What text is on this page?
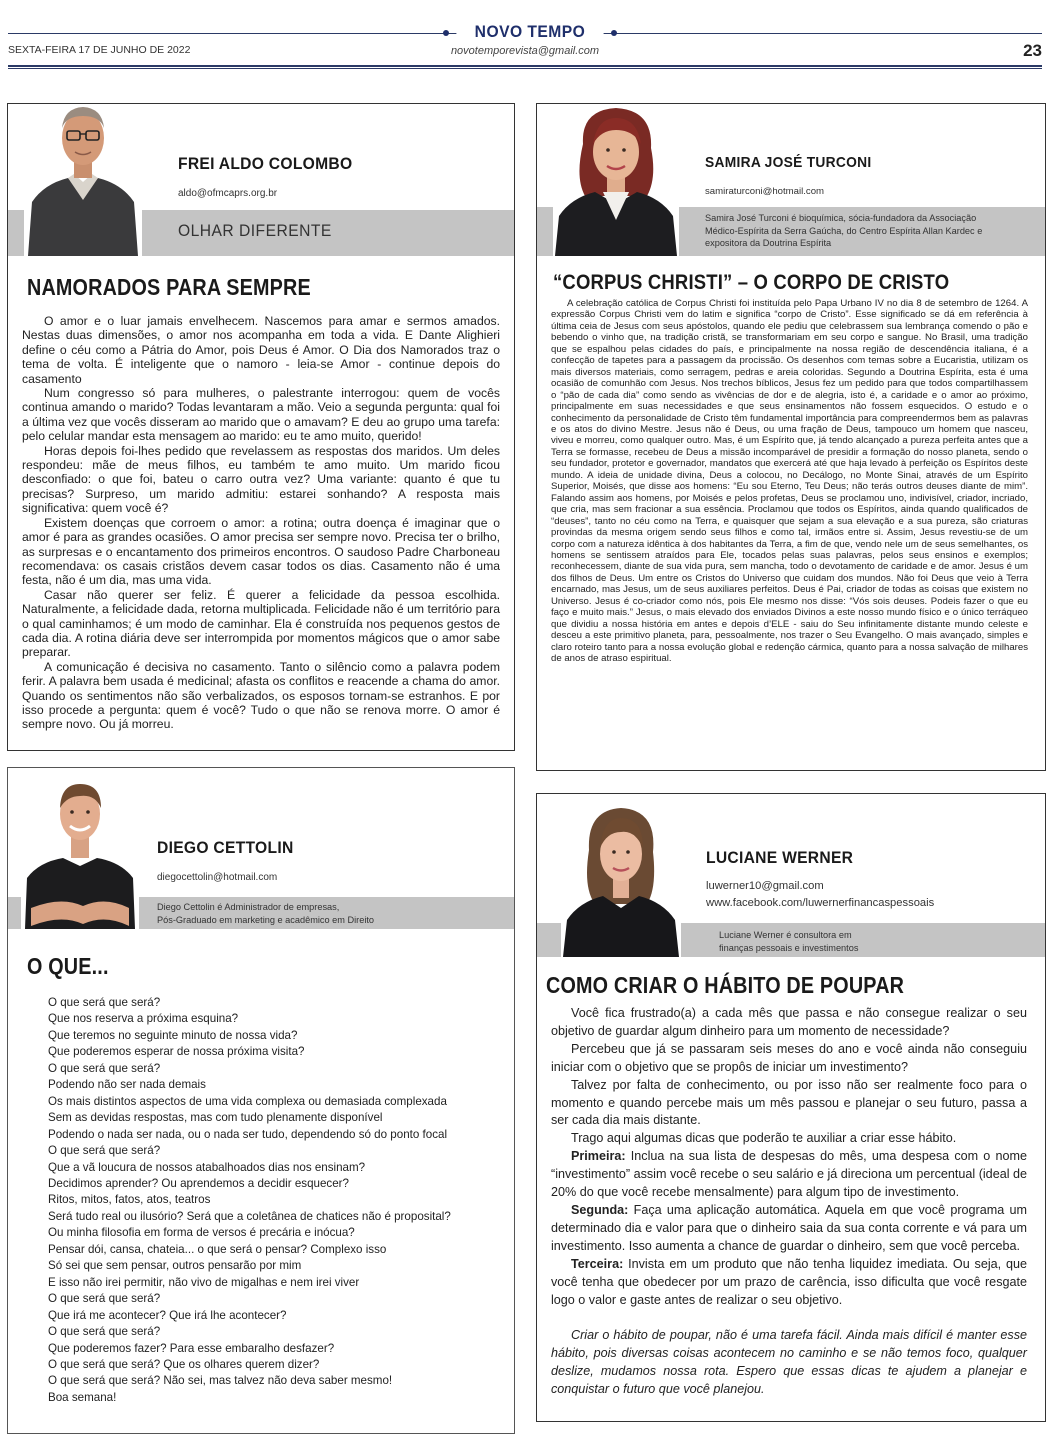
NOVO TEMPO
SEXTA-FEIRA 17 DE JUNHO DE 2022	novotemporevista@gmail.com	23
FREI ALDO COLOMBO
aldo@ofmcaprs.org.br
OLHAR DIFERENTE
NAMORADOS PARA SEMPRE

O amor e o luar jamais envelhecem. Nascemos para amar e sermos amados. Nestas duas dimensões, o amor nos acompanha em toda a vida. E Dante Alighieri define o céu como a Pátria do Amor, pois Deus é Amor. O Dia dos Namorados traz o tema de volta. É inteligente que o namoro - leia-se Amor - continue depois do casamento

Num congresso só para mulheres, o palestrante interrogou: quem de vocês continua amando o marido? Todas levantaram a mão. Veio a segunda pergunta: qual foi a última vez que vocês disseram ao marido que o amavam? E deu ao grupo uma tarefa: pelo celular mandar esta mensagem ao marido: eu te amo muito, querido!

Horas depois foi-lhes pedido que revelassem as respostas dos maridos. Um deles respondeu: mãe de meus filhos, eu também te amo muito. Um marido ficou desconfiado: o que foi, bateu o carro outra vez? Uma variante: quanto é que tu precisas? Surpreso, um marido admitiu: estarei sonhando? A resposta mais significativa: quem você é?

Existem doenças que corroem o amor: a rotina; outra doença é imaginar que o amor é para as grandes ocasiões. O amor precisa ser sempre novo. Precisa ter o brilho, as surpresas e o encantamento dos primeiros encontros. O saudoso Padre Charboneau recomendava: os casais cristãos devem casar todos os dias. Casamento não é uma festa, não é um dia, mas uma vida.

Casar não querer ser feliz. É querer a felicidade da pessoa escolhida. Naturalmente, a felicidade dada, retorna multiplicada. Felicidade não é um território para o qual caminhamos; é um modo de caminhar. Ela é construída nos pequenos gestos de cada dia. A rotina diária deve ser interrompida por momentos mágicos que o amor sabe preparar.

A comunicação é decisiva no casamento. Tanto o silêncio como a palavra podem ferir. A palavra bem usada é medicinal; afasta os conflitos e reacende a chama do amor. Quando os sentimentos não são verbalizados, os esposos tornam-se estranhos. E por isso procede a pergunta: quem é você? Tudo o que não se renova morre. O amor é sempre novo. Ou já morreu.

SAMIRA JOSÉ TURCONI
samiraturconi@hotmail.com
Samira José Turconi é bioquímica, sócia-fundadora da Associação Médico-Espírita da Serra Gaúcha, do Centro Espírita Allan Kardec e expositora da Doutrina Espírita
“CORPUS CHRISTI” – O CORPO DE CRISTO

A celebração católica de Corpus Christi foi instituída pelo Papa Urbano IV no dia 8 de setembro de 1264. A expressão Corpus Christi vem do latim e significa “corpo de Cristo”. Esse significado se dá em referência à última ceia de Jesus com seus apóstolos, quando ele pediu que celebrassem sua lembrança comendo o pão e bebendo o vinho que, na tradição cristã, se transformariam em seu corpo e sangue. No Brasil, uma tradição que se espalhou pelas cidades do país, e principalmente na nossa região de descendência italiana, é a confecção de tapetes para a passagem da procissão. Os desenhos com temas sobre a Eucaristia, utilizam os mais diversos materiais, como serragem, pedras e areia coloridas. Segundo a Doutrina Espírita, esta é uma ocasião de comunhão com Jesus. Nos trechos bíblicos, Jesus fez um pedido para que todos compartilhassem o “pão de cada dia” como sendo as vivências de dor e de alegria, isto é, a caridade e o amor ao próximo, principalmente em suas necessidades e que seus ensinamentos não fossem esquecidos. O estudo e o conhecimento da personalidade de Cristo têm fundamental importância para compreendermos bem as palavras e os atos do divino Mestre. Jesus não é Deus, ou uma fração de Deus, tampouco um homem que nasceu, viveu e morreu, como qualquer outro. Mas, é um Espírito que, já tendo alcançado a pureza perfeita antes que a Terra se formasse, recebeu de Deus a missão incomparável de presidir a formação do nosso planeta, sendo o seu fundador, protetor e governador, mandatos que exercerá até que haja levado à perfeição os Espíritos deste mundo. A ideia de unidade divina, Deus a colocou, no Decálogo, no Monte Sinai, através de um Espírito Superior, Moisés, que disse aos homens: “Eu sou Eterno, Teu Deus; não terás outros deuses diante de mim”. Falando assim aos homens, por Moisés e pelos profetas, Deus se proclamou uno, indivisível, criador, incriado, que cria, mas sem fracionar a sua essência. Proclamou que todos os Espíritos, ainda quando qualificados de “deuses”, tanto no céu como na Terra, e quaisquer que sejam a sua elevação e a sua pureza, são criaturas provindas da mesma origem sendo seus filhos e como tal, irmãos entre si. Assim, Jesus revestiu-se de um corpo com a natureza idêntica à dos habitantes da Terra, a fim de que, vendo nele um de seus semelhantes, os homens se sentissem atraídos para Ele, tocados pelas suas palavras, pelos seus ensinos e exemplos; reconhecessem, diante de sua vida pura, sem mancha, todo o devotamento de caridade e de amor. Jesus é um dos filhos de Deus. Um entre os Cristos do Universo que cuidam dos mundos. Não foi Deus que veio à Terra encarnado, mas Jesus, um de seus auxiliares perfeitos. Deus é Pai, criador de todas as coisas que existem no Universo. Jesus é co-criador como nós, pois Ele mesmo nos disse: “Vós sois deuses. Podeis fazer o que eu faço e muito mais.” Jesus, o mais elevado dos enviados Divinos a este nosso mundo físico e o único terráqueo que dividiu a nossa história em antes e depois d’ELE - saiu do Seu infinitamente distante mundo celeste e desceu a este primitivo planeta, para, pessoalmente, nos trazer o Seu Evangelho. O mais avançado, simples e claro roteiro tanto para a nossa evolução global e redenção cármica, quanto para a nossa salvação de milhares de anos de atraso espiritual.

DIEGO CETTOLIN
diegocettolin@hotmail.com
Diego Cettolin é Administrador de empresas,
Pós-Graduado em marketing e acadêmico em Direito
O QUE...
O que será que será?
Que nos reserva a próxima esquina?
Que teremos no seguinte minuto de nossa vida?
Que poderemos esperar de nossa próxima visita?
O que será que será?
Podendo não ser nada demais
Os mais distintos aspectos de uma vida complexa ou demasiada complexada
Sem as devidas respostas, mas com tudo plenamente disponível
Podendo o nada ser nada, ou o nada ser tudo, dependendo só do ponto focal
O que será que será?
Que a vã loucura de nossos atabalhoados dias nos ensinam?
Decidimos aprender? Ou aprendemos a decidir esquecer?
Ritos, mitos, fatos, atos, teatros
Será tudo real ou ilusório? Será que a coletânea de chatices não é proposital?
Ou minha filosofia em forma de versos é precária e inócua?
Pensar dói, cansa, chateia... o que será o pensar? Complexo isso
Só sei que sem pensar, outros pensarão por mim
E isso não irei permitir, não vivo de migalhas e nem irei viver
O que será que será?
Que irá me acontecer? Que irá lhe acontecer?
O que será que será?
Que poderemos fazer? Para esse embaralho desfazer?
O que será que será? Que os olhares querem dizer?
O que será que será? Não sei, mas talvez não deva saber mesmo!
Boa semana!
LUCIANE WERNER
luwerner10@gmail.com
www.facebook.com/luwernerfinancaspessoais
Luciane Werner é consultora em
finanças pessoais e investimentos
COMO CRIAR O HÁBITO DE POUPAR

Você fica frustrado(a) a cada mês que passa e não consegue realizar o seu objetivo de guardar algum dinheiro para um momento de necessidade?

Percebeu que já se passaram seis meses do ano e você ainda não conseguiu iniciar com o objetivo que se propôs de iniciar um investimento?

Talvez por falta de conhecimento, ou por isso não ser realmente foco para o momento e quando percebe mais um mês passou e planejar o seu futuro, passa a ser cada dia mais distante.

Trago aqui algumas dicas que poderão te auxiliar a criar esse hábito.

Primeira: Inclua na sua lista de despesas do mês, uma despesa com o nome “investimento” assim você recebe o seu salário e já direciona um percentual (ideal de 20% do que você recebe mensalmente) para algum tipo de investimento.

Segunda: Faça uma aplicação automática. Aquela em que você programa um determinado dia e valor para que o dinheiro saia da sua conta corrente e vá para um investimento. Isso aumenta a chance de guardar o dinheiro, sem que você perceba.

Terceira: Invista em um produto que não tenha liquidez imediata. Ou seja, que você tenha que obedecer por um prazo de carência, isso dificulta que você resgate logo o valor e gaste antes de realizar o seu objetivo.

Criar o hábito de poupar, não é uma tarefa fácil. Ainda mais difícil é manter esse hábito, pois diversas coisas acontecem no caminho e se não temos foco, qualquer deslize, mudamos nossa rota. Espero que essas dicas te ajudem a planejar e conquistar o futuro que você planejou.
